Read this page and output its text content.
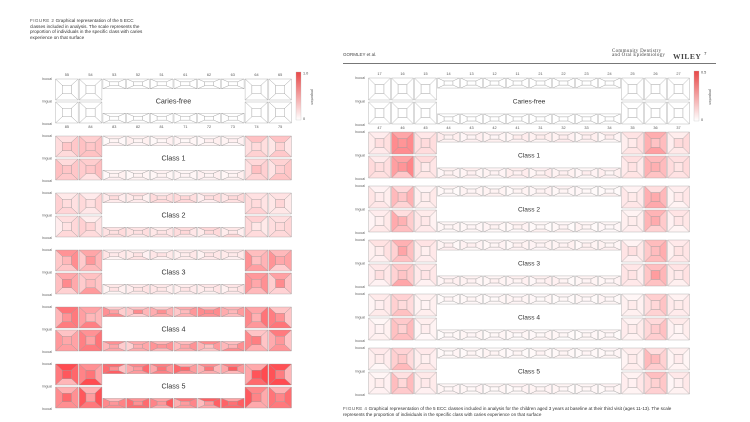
FIGURE 2 Graphical representation of the 5 ECC classes included in analysis. The scale represents the proportion of individuals in the specific class with caries experience on that surface

GORMLEY et al.
Community Dentistry and Oral Epidemiology	WILEY 7

FIGURE 4 Graphical representation of the 5 ECC classes included in analysis for the children aged 3 years at baseline at their third visit (ages 11-13). The scale represents the proportion of individuals in the specific class with caries experience on that surface

55	54	53	52	51	61	62	63	64	65
buccal
lingual
buccal
Caries-free
85	84	83	82	81	71	72	73	74	75
buccal
lingual
buccal
Class 1
buccal
lingual
buccal
Class 2
buccal
lingual
buccal
Class 3
buccal
lingual
buccal
Class 4
buccal
lingual
buccal
Class 5
1.0
0
proportion
17	16	15	14	13	12	11	21	22	23	24	25	26	27
buccal
lingual
buccal
Caries-free
47	46	45	44	43	42	41	31	32	33	34	35	36	37
buccal
lingual
buccal
Class 1
buccal
lingual
buccal
Class 2
buccal
lingual
buccal
Class 3
buccal
lingual
buccal
Class 4
buccal
lingual
buccal
Class 5
0.5
0
proportion
